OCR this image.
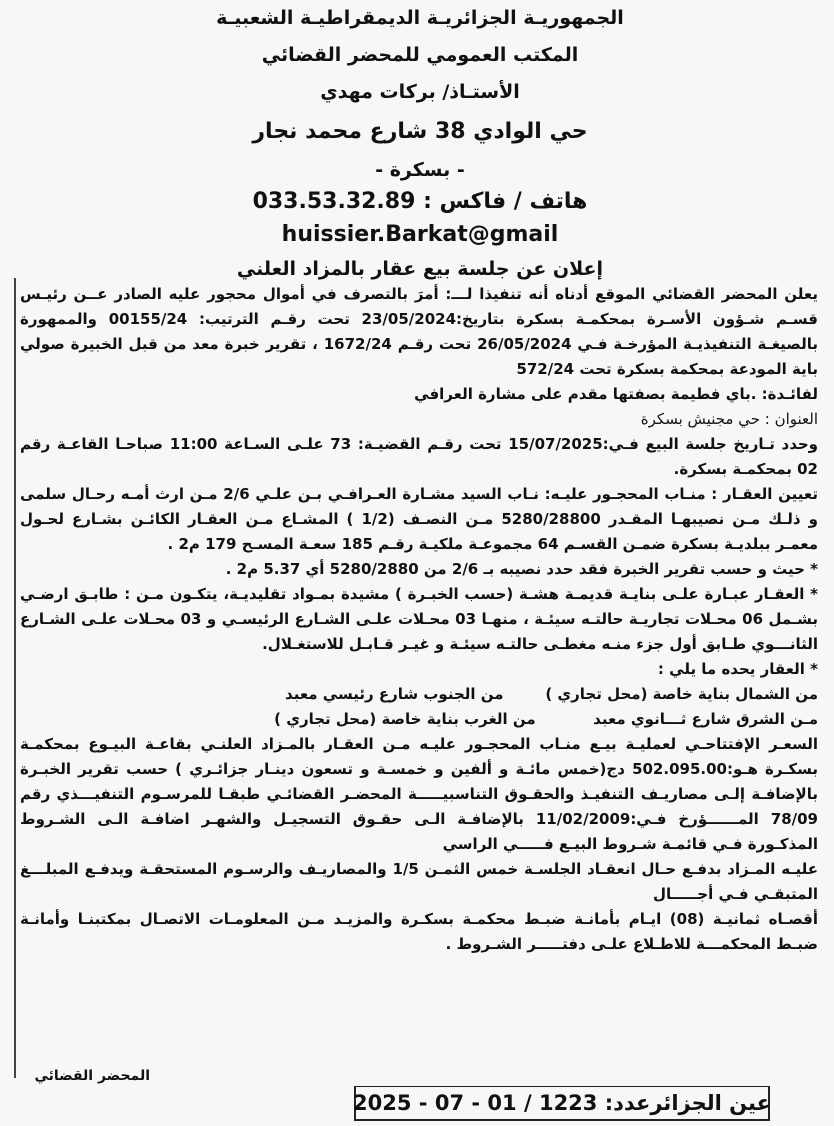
الجمهوريـة الجزائريـة الديمقراطيـة الشعبيـة
المكتب العمومي للمحضر القضائي
الأستـاذ/ بركات مهدي
حي الوادي 38 شارع محمد نجار
- بسكرة -
هاتف / فاكس : 033.53.32.89
huissier.Barkat@gmail
إعلان عن جلسة بيع عقار بالمزاد العلني

يعلن المحضر القضائي الموقع أدناه أنه تنفيذا لـــ: أمرَ بالتصرف في أموال محجور عليه الصادر عــن رئيـس قسـم شـؤون الأسـرة بمحكمـة بسكرة بتاريخ:23/05/2024 تحت رقـم الترتيب: 00155/24 والممهورة بالصيغـة التنفيذيـة المؤرخـة فـي 26/05/2024 تحت رقـم 1672/24 ، تقرير خبرة معد من قبل الخبيرة صولي باية المودعة بمحكمة بسكرة تحت 572/24

لفائـدة: .باي فطيمة بصفتها مقدم على مشارة العرافي

العنوان : حي مجنيش بسكرة

وحدد تـاريخ جلسة البيع فـي:15/07/2025 تحت رقـم القضيـة: 73 علـى السـاعة 11:00 صباحـا القاعـة رقم 02 بمحكمـة بسكرة.

تعيين العقـار : منـاب المحجـور عليـه: نـاب السيد مشـارة العـرافـي بـن علـي 2/6 مـن ارث أمـه رحـال سلمى و ذلـك مـن نصيبهـا المقـدر 5280/28800 مـن النصـف (1/2 ) المشـاع مـن العقـار الكائـن بشـارع لحـول معمـر ببلديـة بسكرة ضمـن القسـم 64 مجموعـة ملكيـة رقـم 185 سعـة المسـح 179 م2 .

* حيث و حسب تقرير الخبرة فقد حدد نصيبه بـ 2/6 من 5280/2880 أي 5.37 م2 .

* العقـار عبـارة علـى بنايـة قديمـة هشـة (حسب الخبـرة ) مشيدة بمـواد تقليديـة، يتكـون مـن : طابـق ارضـي بشـمل 06 محـلات تجاريـة حالتـه سيئـة ، منهـا 03 محـلات علـى الشـارع الرئيسـي و 03 محـلات علـى الشـارع الثانـــوي طـابق أول جزء منـه مغطـى حالتـه سيئـة و غيـر قـابـل للاستغـلال.

* العقار يحده ما يلي :

من الشمال بناية خاصة (محل تجاري )        من الجنوب شارع رئيسي معبد

مـن الشرق شارع ثـــانوي معبد           من الغرب بناية خاصة (محل تجاري )

السعـر الإفتتاحـي لعمليـة بيـع منـاب المحجـور عليـه مـن العقـار بالمـزاد العلنـي بقاعـة البيـوع بمحكمـة بسكـرة هـو:502.095.00 دج(خمس مائـة و ألفين و خمسـة و تسعون دينـار جزائـري ) حسب تقرير الخبـرة بالإضافـة إلـى مصاريـف التنفيـذ والحقـوق التناسبيـــــة المحضـر القضائـي طبقـا للمرسـوم التنفيـــذي رقم 78/09 المــــــؤرخ فـي:11/02/2009 بالإضافـة الـى حقـوق التسجيـل والشهـر اضافـة الـى الشـروط المذكـورة فـي قائمـة شـروط البيـع فـــــي الراسي

عليـه المـزاد بدفـع حـال انعقـاد الجلسـة خمس الثمـن 1/5 والمصاريـف والرسـوم المستحقـة ويدفـع المبلـــغ المتبقـي فـي أجـــــال

أقصـاه ثمانيـة (08) ايـام بأمانـة ضبـط محكمـة بسكـرة والمزيـد مـن المعلومـات الاتصـال بمكتبنـا وأمانـة ضبـط المحكمـــة للاطـلاع علـى دفتـــــر الشـروط .

المحضر القضائي
عين الجزائرعدد: 1223 / 01 - 07 - 2025
